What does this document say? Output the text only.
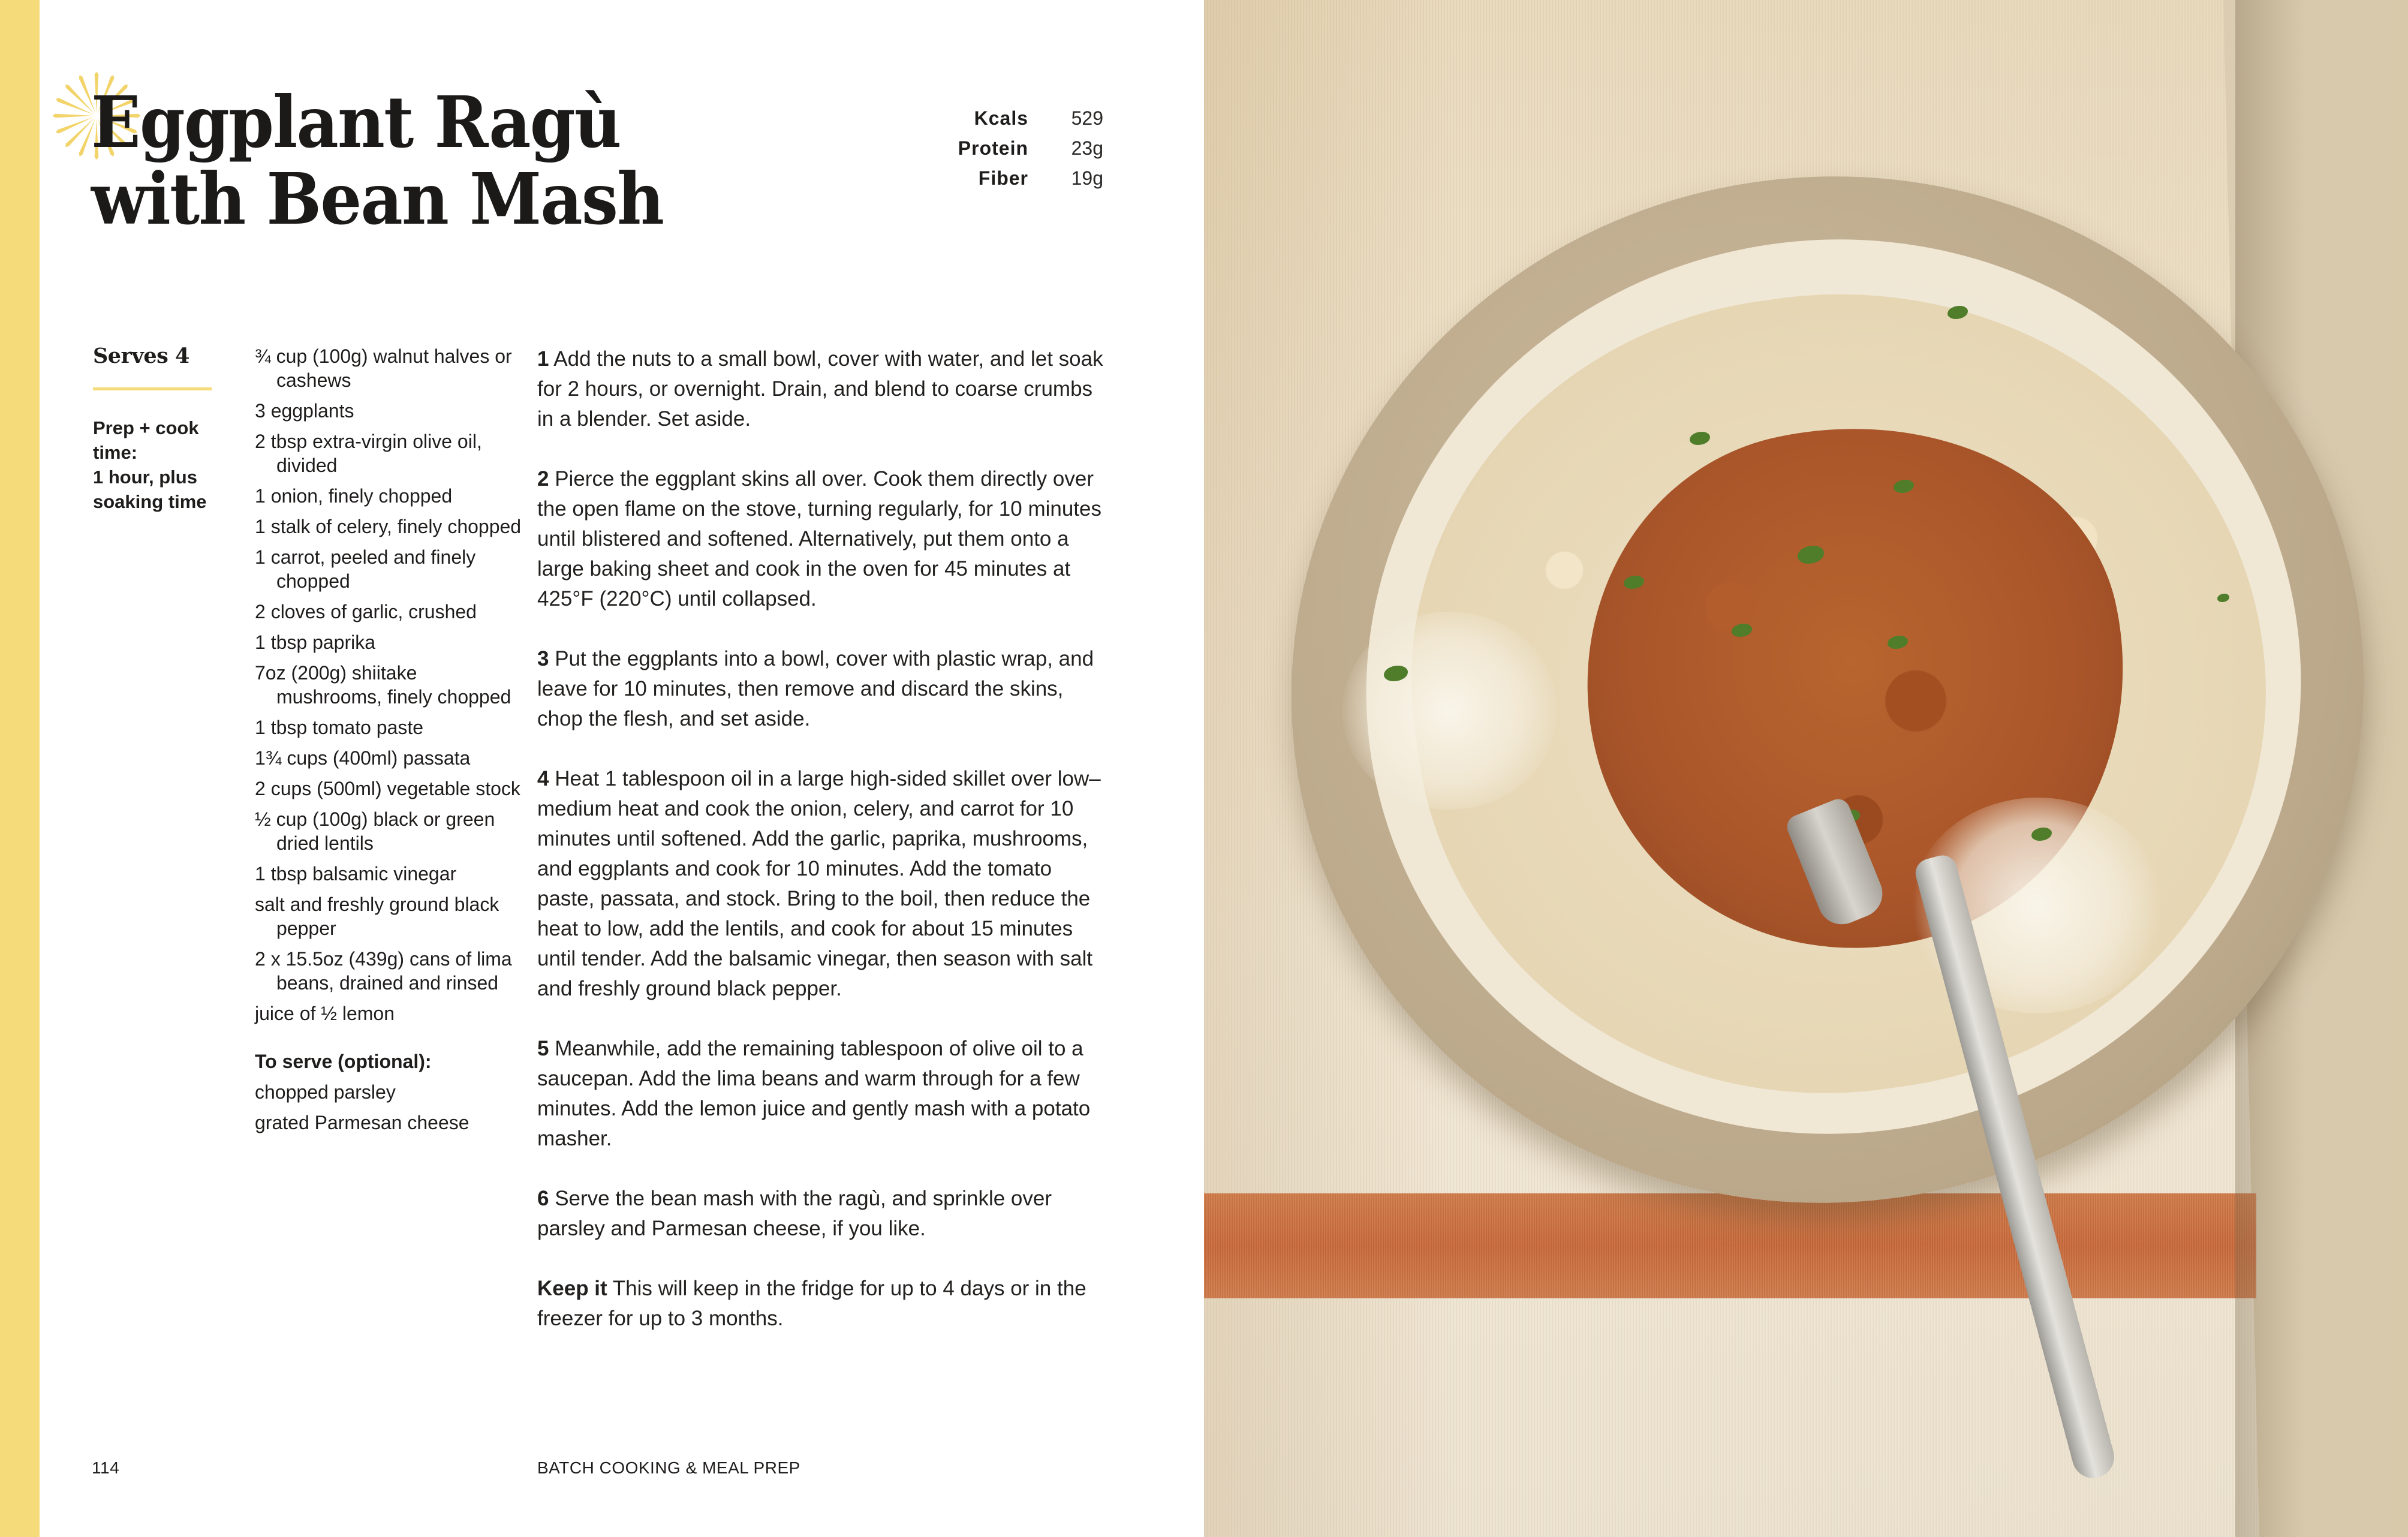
Eggplant Ragù
with Bean Mash
Kcals	529
Protein	23g
Fiber	19g
Serves 4
Prep + cook
time:
1 hour, plus
soaking time
¾ cup (100g) walnut halves or cashews
3 eggplants
2 tbsp extra-virgin olive oil, divided
1 onion, finely chopped
1 stalk of celery, finely chopped
1 carrot, peeled and finely chopped
2 cloves of garlic, crushed
1 tbsp paprika
7oz (200g) shiitake mushrooms, finely chopped
1 tbsp tomato paste
1¾ cups (400ml) passata
2 cups (500ml) vegetable stock
½ cup (100g) black or green dried lentils
1 tbsp balsamic vinegar
salt and freshly ground black pepper
2 x 15.5oz (439g) cans of lima beans, drained and rinsed
juice of ½ lemon
To serve (optional):
chopped parsley
grated Parmesan cheese

1 Add the nuts to a small bowl, cover with water, and let soak for 2 hours, or overnight. Drain, and blend to coarse crumbs in a blender. Set aside.

2 Pierce the eggplant skins all over. Cook them directly over the open flame on the stove, turning regularly, for 10 minutes until blistered and softened. Alternatively, put them onto a large baking sheet and cook in the oven for 45 minutes at 425°F (220°C) until collapsed.

3 Put the eggplants into a bowl, cover with plastic wrap, and leave for 10 minutes, then remove and discard the skins, chop the flesh, and set aside.

4 Heat 1 tablespoon oil in a large high-sided skillet over low–medium heat and cook the onion, celery, and carrot for 10 minutes until softened. Add the garlic, paprika, mushrooms, and eggplants and cook for 10 minutes. Add the tomato paste, passata, and stock. Bring to the boil, then reduce the heat to low, add the lentils, and cook for about 15 minutes until tender. Add the balsamic vinegar, then season with salt and freshly ground black pepper.

5 Meanwhile, add the remaining tablespoon of olive oil to a saucepan. Add the lima beans and warm through for a few minutes. Add the lemon juice and gently mash with a potato masher.

6 Serve the bean mash with the ragù, and sprinkle over parsley and Parmesan cheese, if you like.

Keep it This will keep in the fridge for up to 4 days or in the freezer for up to 3 months.

114	BATCH COOKING & MEAL PREP
